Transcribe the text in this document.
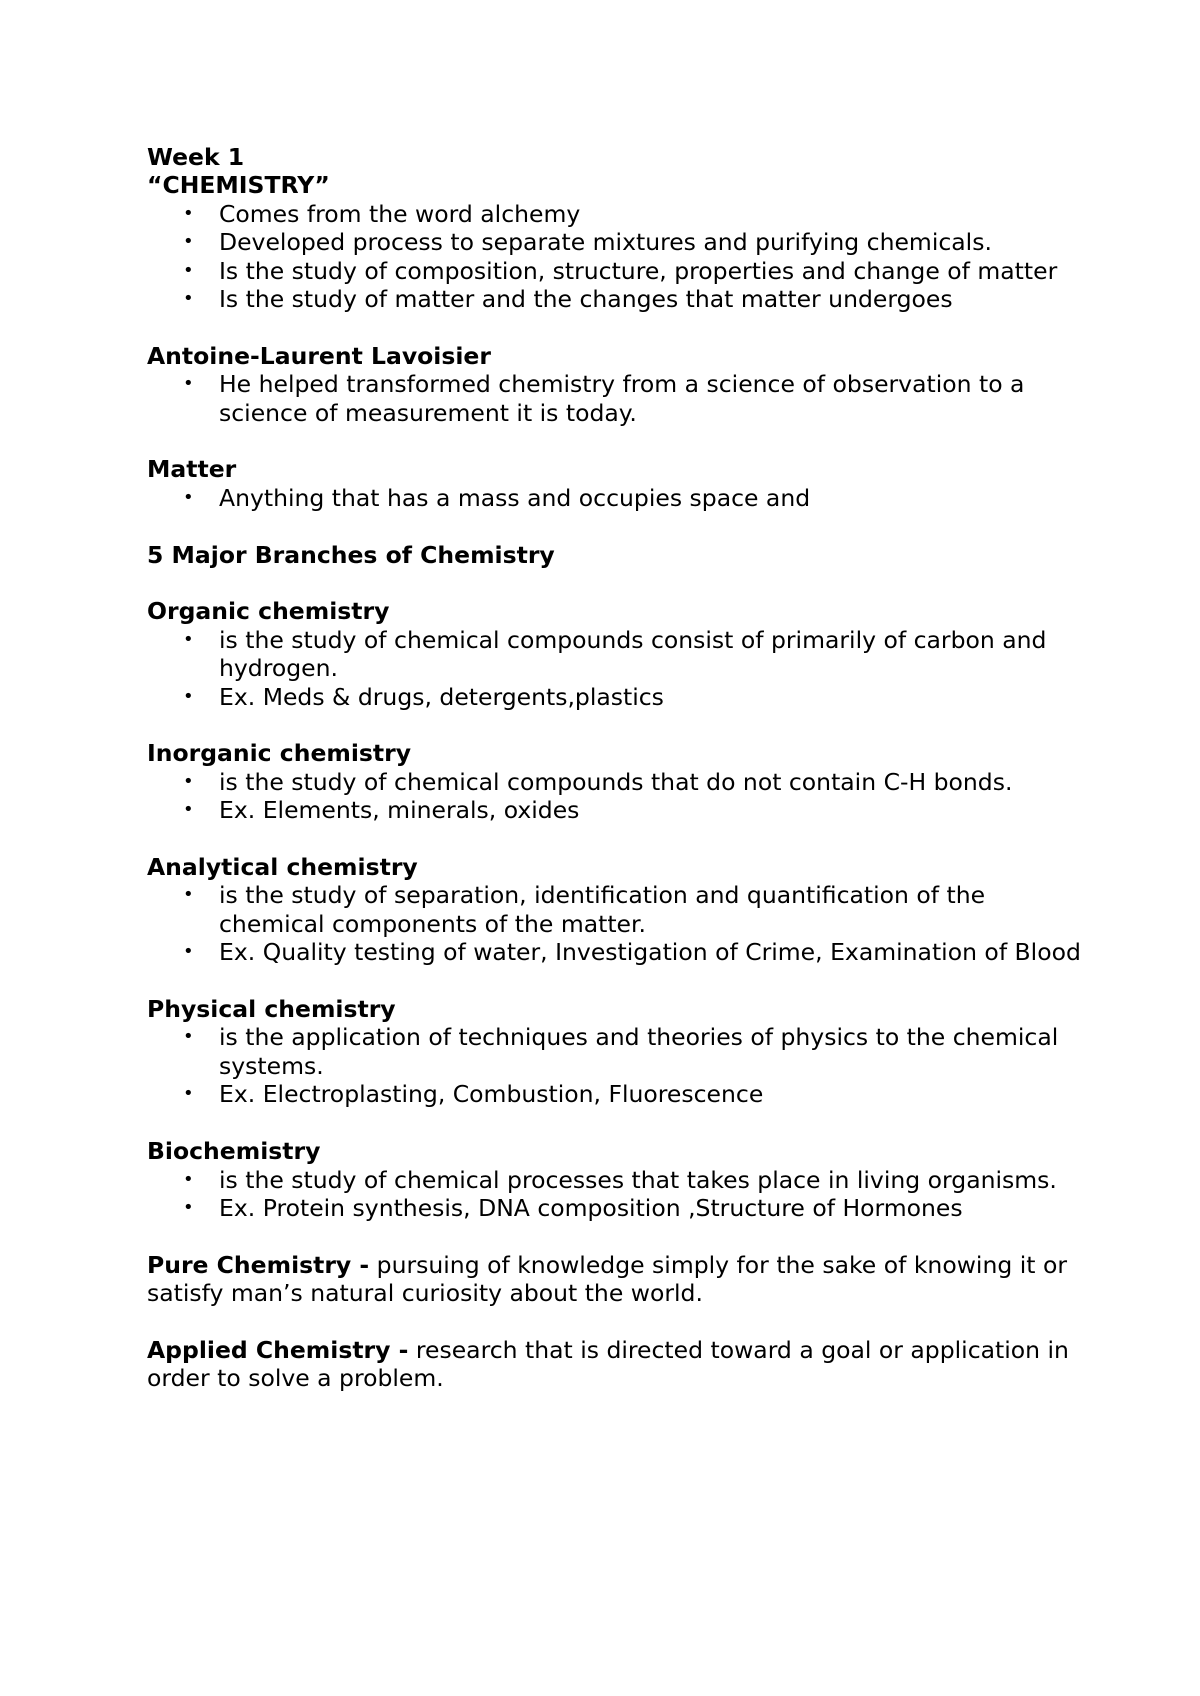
Week 1

“CHEMISTRY”

• Comes from the word alchemy
• Developed process to separate mixtures and purifying chemicals.
• Is the study of composition, structure, properties and change of matter
• Is the study of matter and the changes that matter undergoes

Antoine-Laurent Lavoisier

• He helped transformed chemistry from a science of observation to a science of measurement it is today.

Matter

• Anything that has a mass and occupies space and

5 Major Branches of Chemistry

Organic chemistry

• is the study of chemical compounds consist of primarily of carbon and hydrogen.
• Ex. Meds & drugs, detergents,plastics

Inorganic chemistry

• is the study of chemical compounds that do not contain C-H bonds.
• Ex. Elements, minerals, oxides

Analytical chemistry

• is the study of separation, identification and quantification of the chemical components of the matter.
• Ex. Quality testing of water, Investigation of Crime, Examination of Blood

Physical chemistry

• is the application of techniques and theories of physics to the chemical systems.
• Ex. Electroplasting, Combustion, Fluorescence

Biochemistry

• is the study of chemical processes that takes place in living organisms.
• Ex. Protein synthesis, DNA composition ,Structure of Hormones

Pure Chemistry - pursuing of knowledge simply for the sake of knowing it or satisfy man’s natural curiosity about the world.

Applied Chemistry - research that is directed toward a goal or application in order to solve a problem.
